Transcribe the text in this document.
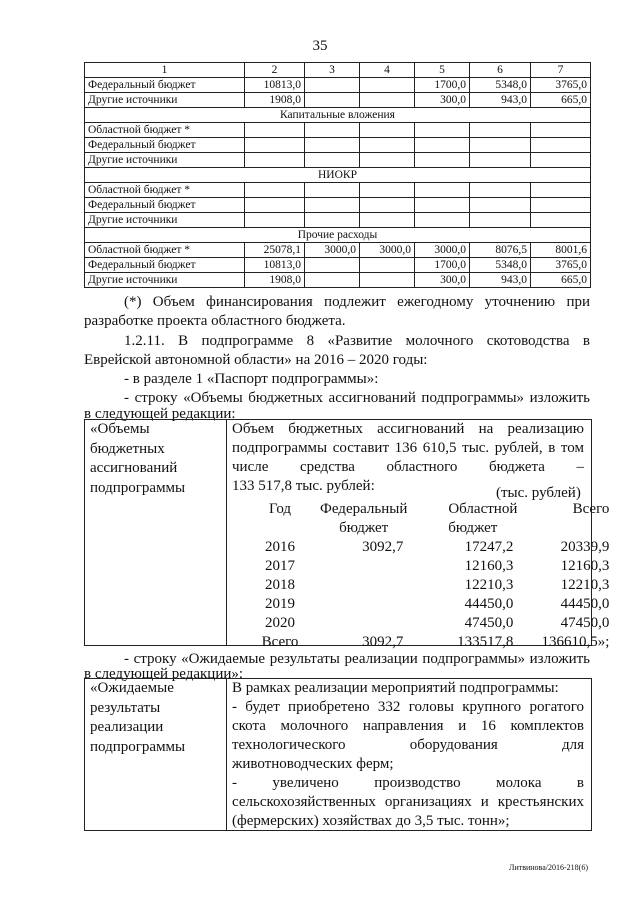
35
1	2	3	4	5	6	7
Федеральный бюджет	10813,0			1700,0	5348,0	3765,0
Другие источники	1908,0			300,0	943,0	665,0
Капитальные вложения						
Областной бюджет *						
Федеральный бюджет						
Другие источники						
НИОКР						
Областной бюджет *						
Федеральный бюджет						
Другие источники						
Прочие расходы						
Областной бюджет *	25078,1	3000,0	3000,0	3000,0	8076,5	8001,6
Федеральный бюджет	10813,0			1700,0	5348,0	3765,0
Другие источники	1908,0			300,0	943,0	665,0
(*) Объем финансирования подлежит ежегодному уточнению при
разработке проекта областного бюджета.
1.2.11. В подпрограмме 8 «Развитие молочного скотоводства в
Еврейской автономной области» на 2016 – 2020 годы:
- в разделе 1 «Паспорт подпрограммы»:
- строку «Объемы бюджетных ассигнований подпрограммы» изложить
в следующей редакции:
«Объемы
бюджетных
ассигнований
подпрограммы
Объем бюджетных ассигнований на реализацию
подпрограммы составит 136 610,5 тыс. рублей, в том
числе средства областного бюджета –
133 517,8 тыс. рублей:	(тыс. рублей)
Год	Федеральный	Областной	Всего
	бюджет	бюджет	
2016	3092,7	17247,2	20339,9
2017		12160,3	12160,3
2018		12210,3	12210,3
2019		44450,0	44450,0
2020		47450,0	47450,0
Всего	3092,7	133517,8	136610,5»;
- строку «Ожидаемые результаты реализации подпрограммы» изложить
в следующей редакции»:
«Ожидаемые
результаты
реализации
подпрограммы
В рамках реализации мероприятий подпрограммы:
- будет приобретено 332 головы крупного рогатого
скота молочного направления и 16 комплектов
технологического оборудования для
животноводческих ферм;
- увеличено производство молока в
сельскохозяйственных организациях и крестьянских
(фермерских) хозяйствах до 3,5 тыс. тонн»;
Литвинова/2016-218(6)
